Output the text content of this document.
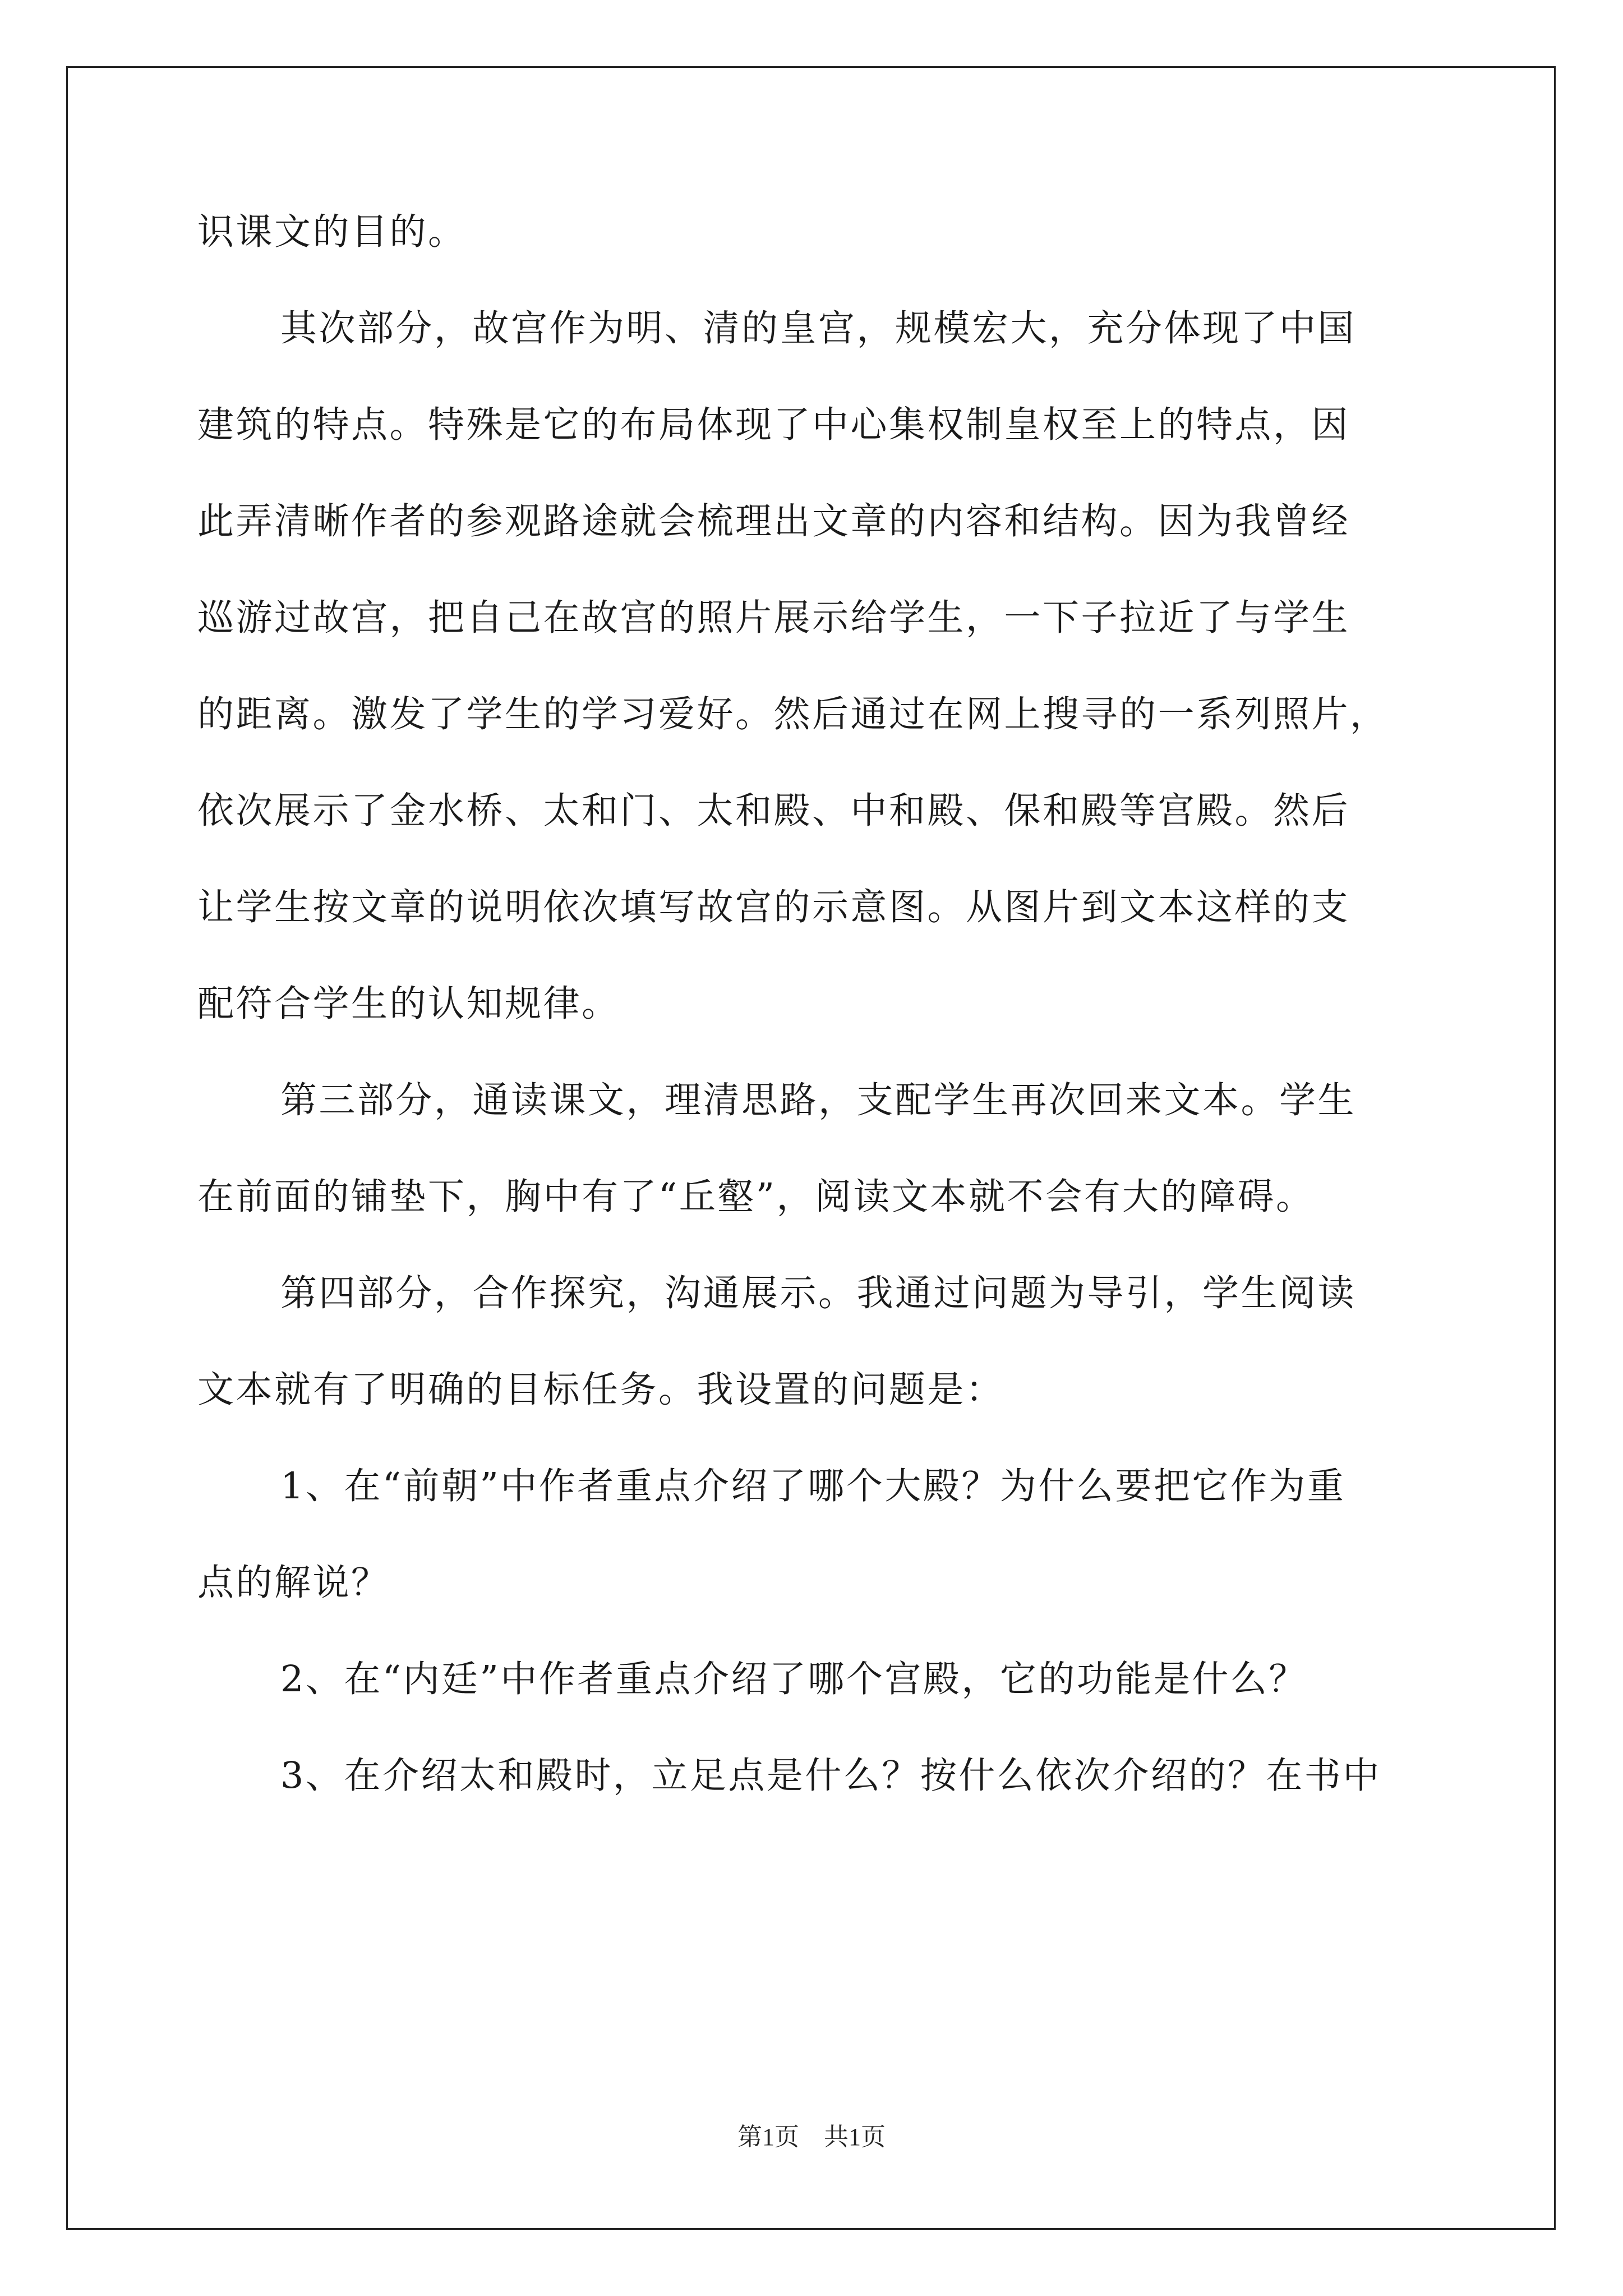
识课文的目的。

其次部分，故宫作为明、清的皇宫，规模宏大，充分体现了中国

建筑的特点。特殊是它的布局体现了中心集权制皇权至上的特点，因

此弄清晰作者的参观路途就会梳理出文章的内容和结构。因为我曾经

巡游过故宫，把自己在故宫的照片展示给学生，一下子拉近了与学生

的距离。激发了学生的学习爱好。然后通过在网上搜寻的一系列照片，

依次展示了金水桥、太和门、太和殿、中和殿、保和殿等宫殿。然后

让学生按文章的说明依次填写故宫的示意图。从图片到文本这样的支

配符合学生的认知规律。

第三部分，通读课文，理清思路，支配学生再次回来文本。学生

在前面的铺垫下，胸中有了“丘壑”，阅读文本就不会有大的障碍。

第四部分，合作探究，沟通展示。我通过问题为导引，学生阅读

文本就有了明确的目标任务。我设置的问题是：

1、在“前朝”中作者重点介绍了哪个大殿？为什么要把它作为重

点的解说？

2、在“内廷”中作者重点介绍了哪个宫殿，它的功能是什么？

3、在介绍太和殿时，立足点是什么？按什么依次介绍的？在书中

第1页　共1页
